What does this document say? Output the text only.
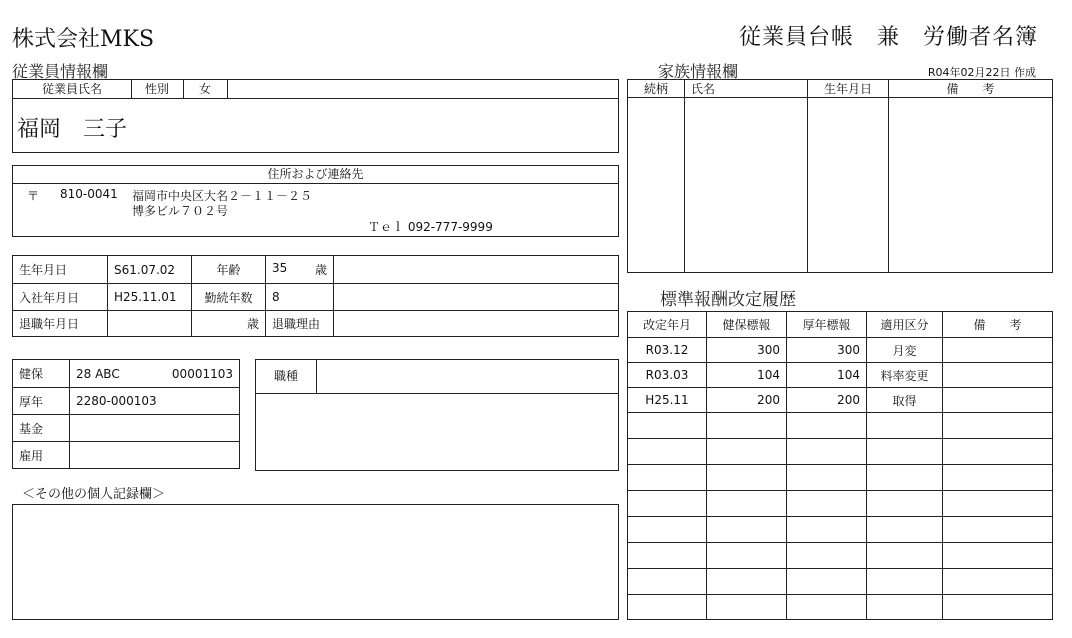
株式会社MKS	従業員台帳　兼　労働者名簿
従業員情報欄	家族情報欄	R04年02月22日 作成
従業員氏名	性別	女
福岡　三子
住所および連絡先
〒 810-0041 福岡市中央区大名２－１１－２５
博多ビル７０２号
Ｔｅｌ 092-777-9999
生年月日	S61.07.02	年齢	35 歳	

入社年月日	H25.11.01	勤続年数	8	
退職年月日		歳	退職理由	
健保	28 ABC 00001103

厚年	2280-000103
基金	
雇用	
職種
＜その他の個人記録欄＞
続柄	氏名	生年月日	備　　考

標準報酬改定履歴
改定年月	健保標報	厚年標報	適用区分	備　　考
R03.12	300	300	月変	
R03.03	104	104	料率変更	
H25.11	200	200	取得	
